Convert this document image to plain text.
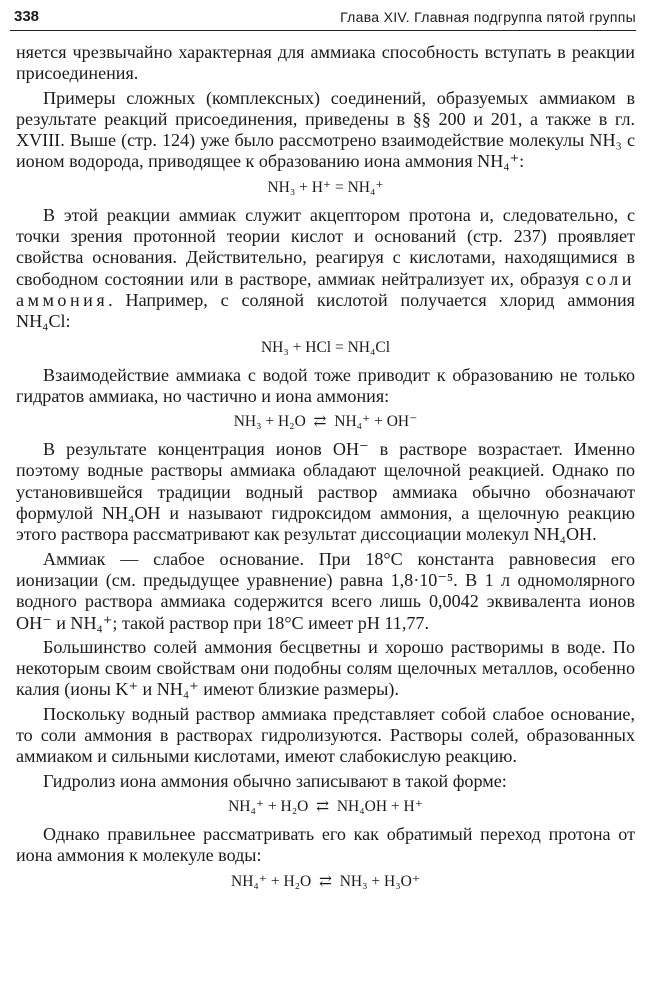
338	Глава XIV. Главная подгруппа пятой группы

няется чрезвычайно характерная для аммиака способность вступать в реакции присоединения.

Примеры сложных (комплексных) соединений, образуемых аммиаком в результате реакций присоединения, приведены в §§ 200 и 201, а также в гл. XVIII. Выше (стр. 124) уже было рассмотрено взаимодействие молекулы NH₃ с ионом водорода, приводящее к образованию иона аммония NH₄⁺:

NH₃ + H⁺ = NH₄⁺

В этой реакции аммиак служит акцептором протона и, следовательно, с точки зрения протонной теории кислот и оснований (стр. 237) проявляет свойства основания. Действительно, реагируя с кислотами, находящимися в свободном состоянии или в растворе, аммиак нейтрализует их, образуя соли аммония. Например, с соляной кислотой получается хлорид аммония NH₄Cl:

NH₃ + HCl = NH₄Cl

Взаимодействие аммиака с водой тоже приводит к образованию не только гидратов аммиака, но частично и иона аммония:

NH₃ + H₂O  ⇄  NH₄⁺ + OH⁻

В результате концентрация ионов OH⁻ в растворе возрастает. Именно поэтому водные растворы аммиака обладают щелочной реакцией. Однако по установившейся традиции водный раствор аммиака обычно обозначают формулой NH₄OH и называют гидроксидом аммония, а щелочную реакцию этого раствора рассматривают как результат диссоциации молекул NH₄OH.

Аммиак — слабое основание. При 18°C константа равновесия его ионизации (см. предыдущее уравнение) равна 1,8·10⁻⁵. В 1 л одномолярного водного раствора аммиака содержится всего лишь 0,0042 эквивалента ионов OH⁻ и NH₄⁺; такой раствор при 18°C имеет pH 11,77.

Большинство солей аммония бесцветны и хорошо растворимы в воде. По некоторым своим свойствам они подобны солям щелочных металлов, особенно калия (ионы K⁺ и NH₄⁺ имеют близкие размеры).

Поскольку водный раствор аммиака представляет собой слабое основание, то соли аммония в растворах гидролизуются. Растворы солей, образованных аммиаком и сильными кислотами, имеют слабокислую реакцию.

Гидролиз иона аммония обычно записывают в такой форме:

NH₄⁺ + H₂O  ⇄  NH₄OH + H⁺

Однако правильнее рассматривать его как обратимый переход протона от иона аммония к молекуле воды:

NH₄⁺ + H₂O  ⇄  NH₃ + H₃O⁺
